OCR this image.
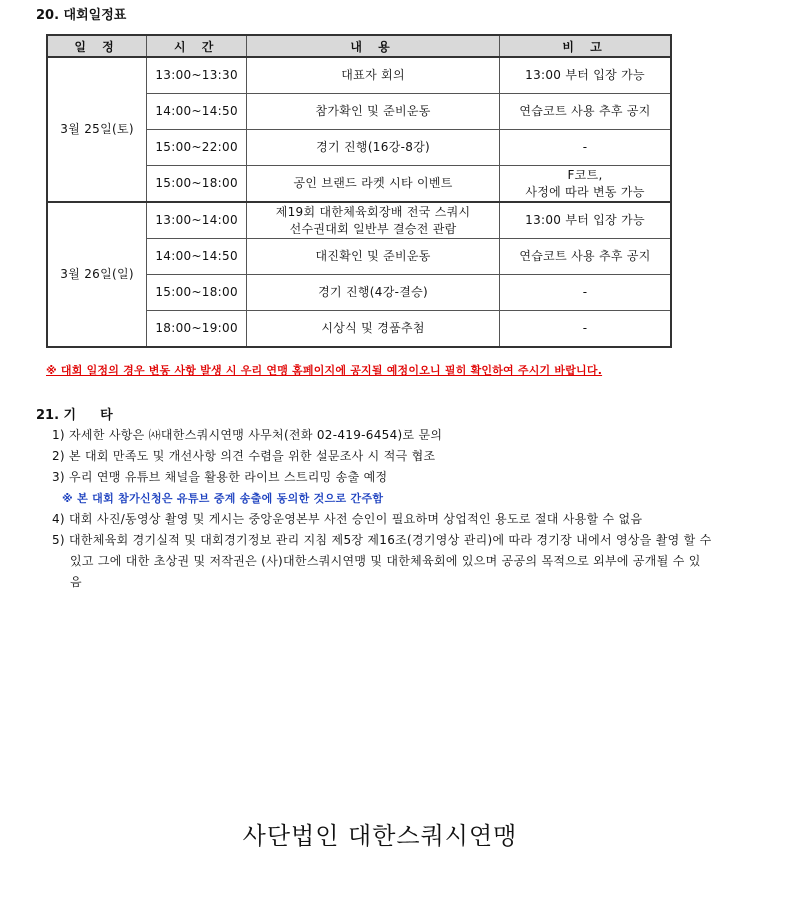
20. 대회일정표
일 정	시 간	내 용	비 고
3월 25일(토)	13:00~13:30	대표자 회의	13:00 부터 입장 가능
	14:00~14:50	참가확인 및 준비운동	연습코트 사용 추후 공지
	15:00~22:00	경기 진행(16강-8강)	-
	15:00~18:00	공인 브랜드 라켓 시타 이벤트	F코트,
사정에 따라 변동 가능

3월 26일(일)	13:00~14:00	제19회 대한체육회장배 전국 스쿼시
선수권대회 일반부 결승전 관람	13:00 부터 입장 가능
	14:00~14:50	대진확인 및 준비운동	연습코트 사용 추후 공지
	15:00~18:00	경기 진행(4강-결승)	-
	18:00~19:00	시상식 및 경품추첨	-
※ 대회 일정의 경우 변동 사항 발생 시 우리 연맹 홈페이지에 공지될 예정이오니 필히 확인하여 주시기 바랍니다.
21. 기 타
1) 자세한 사항은 ㈔대한스쿼시연맹 사무처(전화 02-419-6454)로 문의
2) 본 대회 만족도 및 개선사항 의견 수렴을 위한 설문조사 시 적극 협조
3) 우리 연맹 유튜브 채널을 활용한 라이브 스트리밍 송출 예정
※ 본 대회 참가신청은 유튜브 중계 송출에 동의한 것으로 간주함
4) 대회 사진/동영상 촬영 및 게시는 중앙운영본부 사전 승인이 필요하며 상업적인 용도로 절대 사용할 수 없음
5) 대한체육회 경기실적 및 대회경기정보 관리 지침 제5장 제16조(경기영상 관리)에 따라 경기장 내에서 영상을 촬영 할 수 있고 그에 대한 초상권 및 저작권은 (사)대한스쿼시연맹 및 대한체육회에 있으며 공공의 목적으로 외부에 공개될 수 있음
사단법인 대한스쿼시연맹
